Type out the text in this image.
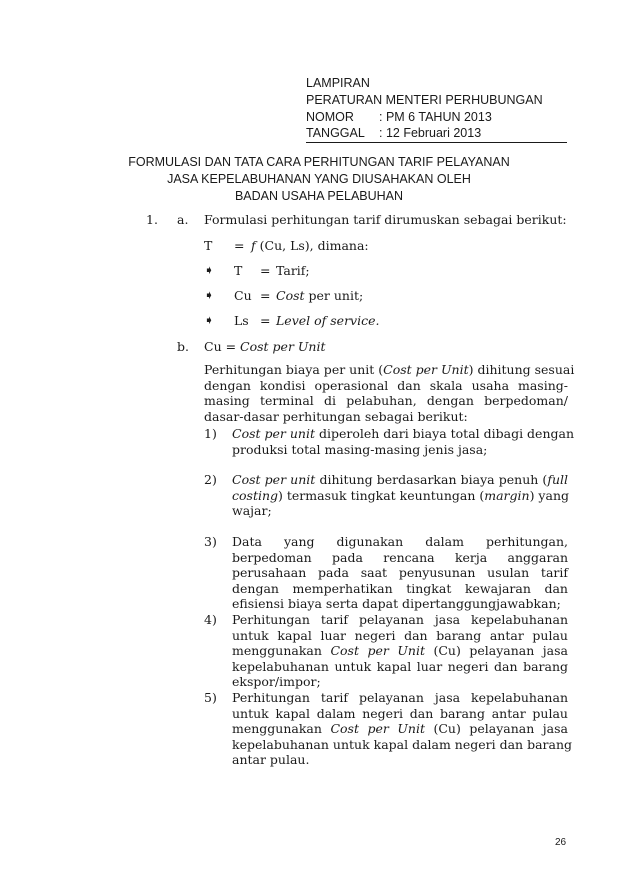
LAMPIRAN
PERATURAN MENTERI PERHUBUNGAN
NOMOR : PM 6 TAHUN 2013
TANGGAL : 12 Februari 2013
FORMULASI DAN TATA CARA PERHITUNGAN TARIF PELAYANAN
JASA KEPELABUHANAN YANG DIUSAHAKAN OLEH
BADAN USAHA PELABUHAN
1. a. Formulasi perhitungan tarif dirumuskan sebagai berikut:
T = f (Cu, Ls), dimana:
➧ T = Tarif;
➧ Cu = Cost per unit;
➧ Ls = Level of service.
b. Cu = Cost per Unit
Perhitungan biaya per unit (Cost per Unit) dihitung sesuai
dengan kondisi operasional dan skala usaha masing-
masing terminal di pelabuhan, dengan berpedoman/
dasar-dasar perhitungan sebagai berikut:
1) Cost per unit diperoleh dari biaya total dibagi dengan
produksi total masing-masing jenis jasa;
2) Cost per unit dihitung berdasarkan biaya penuh (full
costing) termasuk tingkat keuntungan (margin) yang
wajar;
3) Data yang digunakan dalam perhitungan,
berpedoman pada rencana kerja anggaran
perusahaan pada saat penyusunan usulan tarif
dengan memperhatikan tingkat kewajaran dan
efisiensi biaya serta dapat dipertanggungjawabkan;
4) Perhitungan tarif pelayanan jasa kepelabuhanan
untuk kapal luar negeri dan barang antar pulau
menggunakan Cost per Unit (Cu) pelayanan jasa
kepelabuhanan untuk kapal luar negeri dan barang
ekspor/impor;
5) Perhitungan tarif pelayanan jasa kepelabuhanan
untuk kapal dalam negeri dan barang antar pulau
menggunakan Cost per Unit (Cu) pelayanan jasa
kepelabuhanan untuk kapal dalam negeri dan barang
antar pulau.
26
